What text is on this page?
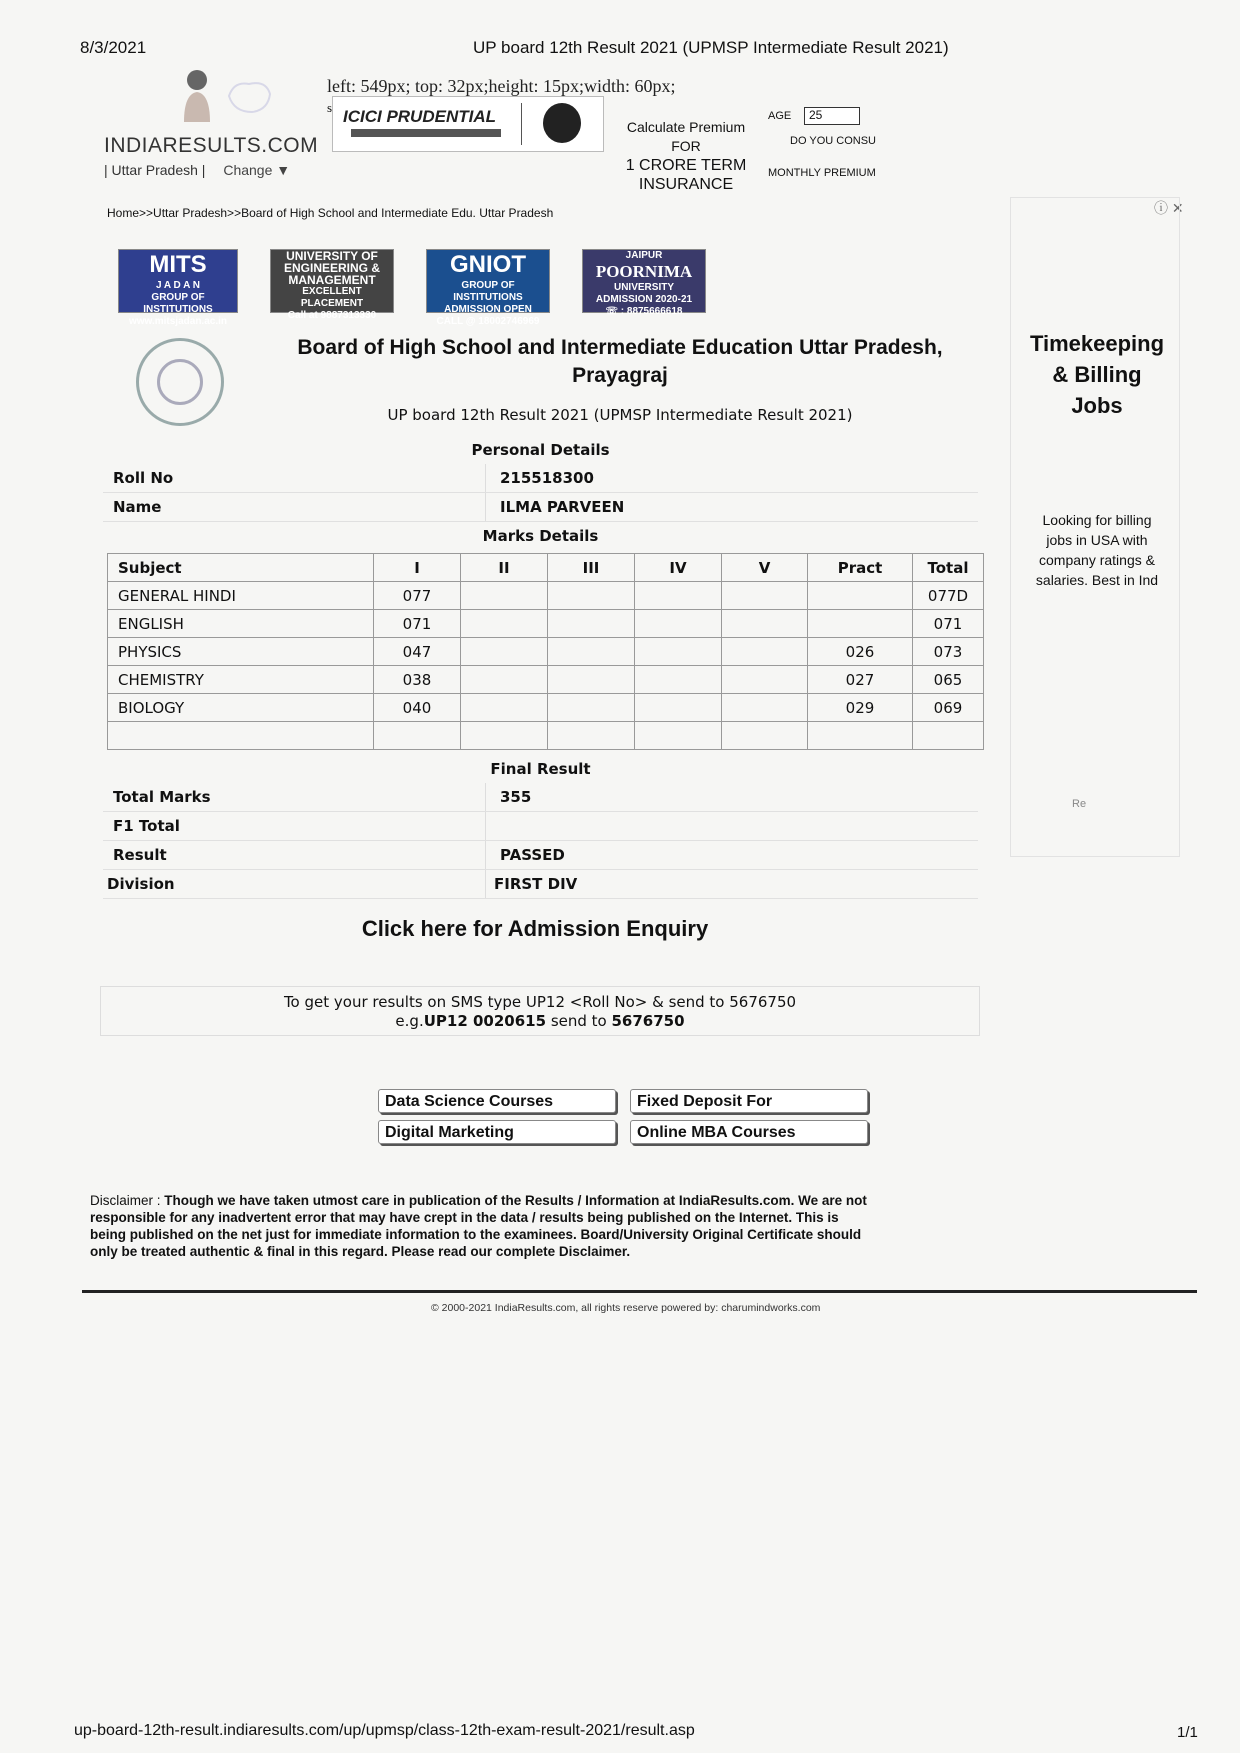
8/3/2021	UP board 12th Result 2021 (UPMSP Intermediate Result 2021)
INDIARESULTS.COM
| Uttar Pradesh | Change ▼
left: 549px; top: 32px;height: 15px;width: 60px;
s ICICI PRUDENTIAL
Calculate Premium FOR
1 CRORE TERM
INSURANCE
AGE	25
DO YOU CONSU
MONTHLY PREMIUM
Home>>Uttar Pradesh>>Board of High School and Intermediate Edu. Uttar Pradesh	ⓘ ✕
MITS
J A D A N
GROUP OF INSTITUTIONS
www.mitsjadan.ac.in
UNIVERSITY OF
ENGINEERING &
MANAGEMENT
EXCELLENT PLACEMENT
Call at 9887313330
GNIOT
GROUP OF INSTITUTIONS
ADMISSION OPEN
CALL @ 18002746969
JAIPUR
POORNIMA
UNIVERSITY
ADMISSION 2020-21
☏ : 8875666618
Board of High School and Intermediate Education Uttar Pradesh,
Prayagraj
UP board 12th Result 2021 (UPMSP Intermediate Result 2021)
Timekeeping
& Billing
Jobs
Looking for billing jobs in USA with company ratings & salaries. Best in Ind
Re
Personal Details
Roll No	215518300
Name	ILMA PARVEEN
Marks Details
Subject	I	II	III	IV	V	Pract	Total
GENERAL HINDI	077						077D
ENGLISH	071						071
PHYSICS	047					026	073
CHEMISTRY	038					027	065
BIOLOGY	040					029	069

Final Result
Total Marks	355
F1 Total
Result	PASSED
Division	FIRST DIV
Click here for Admission Enquiry
To get your results on SMS type UP12 <Roll No> & send to 5676750
e.g.UP12 0020615 send to 5676750
Data Science Courses	Fixed Deposit For
Digital Marketing	Online MBA Courses
Disclaimer : Though we have taken utmost care in publication of the Results / Information at IndiaResults.com. We are not responsible for any inadvertent error that may have crept in the data / results being published on the Internet. This is being published on the net just for immediate information to the examinees. Board/University Original Certificate should only be treated authentic & final in this regard. Please read our complete Disclaimer.
© 2000-2021 IndiaResults.com, all rights reserve powered by: charumindworks.com
up-board-12th-result.indiaresults.com/up/upmsp/class-12th-exam-result-2021/result.asp	1/1
